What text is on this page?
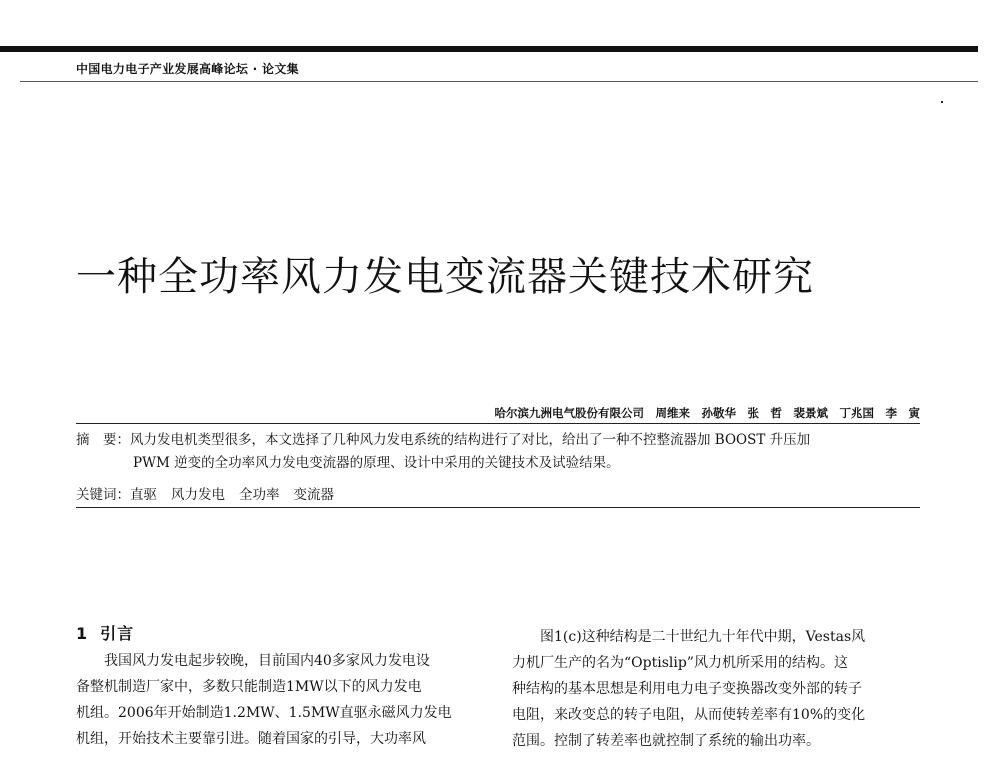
中国电力电子产业发展高峰论坛 · 论文集
一种全功率风力发电变流器关键技术研究
哈尔滨九洲电气股份有限公司　周维来　孙敬华　张　哲　裴景斌　丁兆国　李　寅
摘　要：风力发电机类型很多，本文选择了几种风力发电系统的结构进行了对比，给出了一种不控整流器加 BOOST 升压加
PWM 逆变的全功率风力发电变流器的原理、设计中采用的关键技术及试验结果。
关键词：直驱 风力发电 全功率 变流器
1 引言
我国风力发电起步较晚，目前国内40多家风力发电设
备整机制造厂家中，多数只能制造1MW以下的风力发电
机组。2006年开始制造1.2MW、1.5MW直驱永磁风力发电
机组，开始技术主要靠引进。随着国家的引导，大功率风
图1(c)这种结构是二十世纪九十年代中期，Vestas风
力机厂生产的名为“Optislip”风力机所采用的结构。这
种结构的基本思想是利用电力电子变换器改变外部的转子
电阻，来改变总的转子电阻，从而使转差率有10%的变化
范围。控制了转差率也就控制了系统的输出功率。
